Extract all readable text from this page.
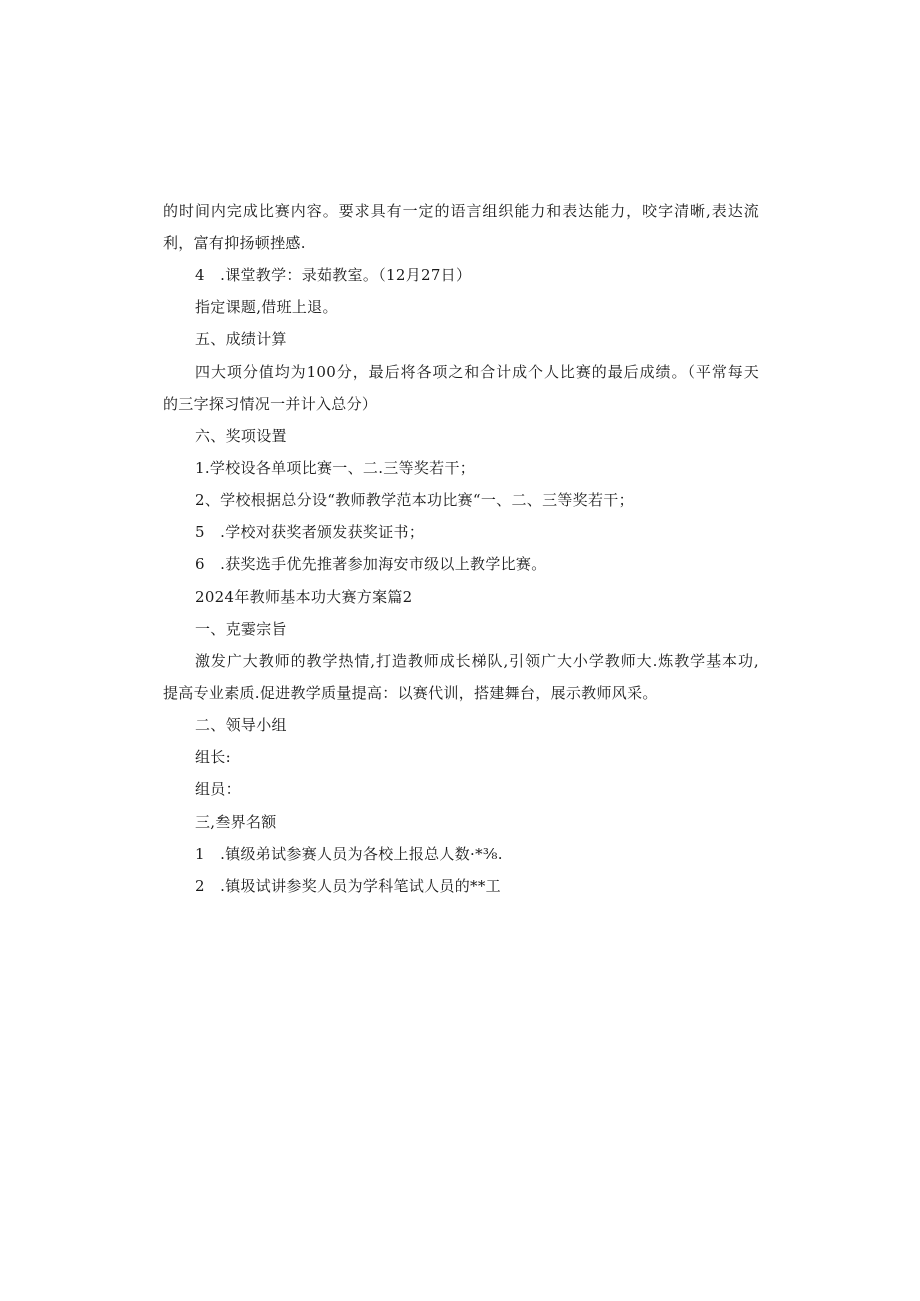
的时间内完成比赛内容。要求具有一定的语言组织能力和表达能力，咬字清晰,表达流
利，富有抑扬顿挫感.
4　.课堂教学：录茹教室。（12月27日）
指定课题,借班上退。
五、成绩计算
四大项分值均为100分，最后将各项之和合计成个人比赛的最后成绩。（平常每天
的三字探习情况一并计入总分）
六、奖项设置
1.学校设各单项比赛一、二.三等奖若干；
2、学校根据总分设“教师教学范本功比赛“一、二、三等奖若干；
5　.学校对获奖者颁发获奖证书；
6　.获奖选手优先推著参加海安市级以上教学比赛。
2024年教师基本功大赛方案篇2
一、克霎宗旨
激发广大教师的教学热情,打造教师成长梯队,引领广大小学教师大.炼教学基本功,
提高专业素质.促进教学质量提高：以赛代训，搭建舞台，展示教师风采。
二、领导小组
组长:
组员：
三,叁界名额
1　.镇级弟试参赛人员为各校上报总人数·*⅜.
2　.镇圾试讲参奖人员为学科笔试人员的**工
